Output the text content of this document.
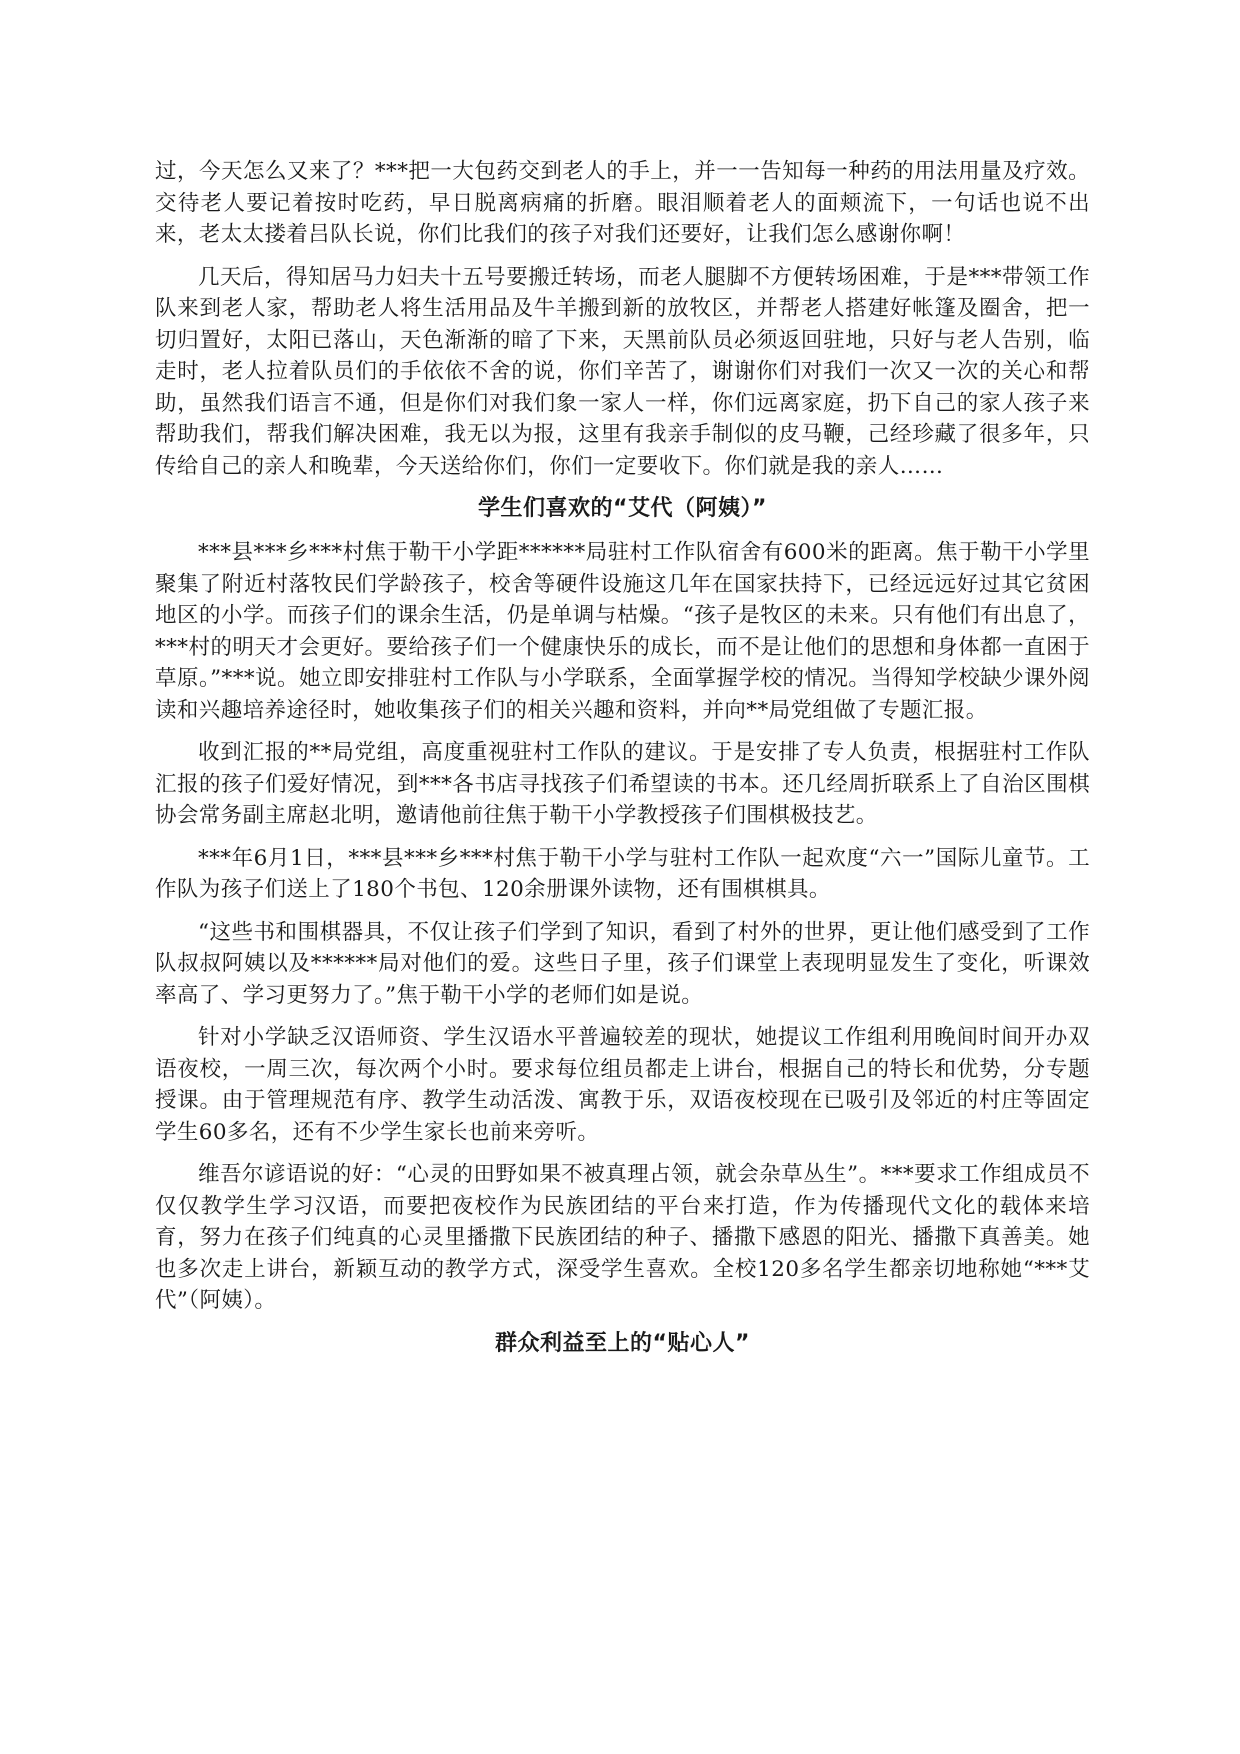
过，今天怎么又来了？***把一大包药交到老人的手上，并一一告知每一种药的用法用量及疗效。交待老人要记着按时吃药，早日脱离病痛的折磨。眼泪顺着老人的面颊流下，一句话也说不出来，老太太搂着吕队长说，你们比我们的孩子对我们还要好，让我们怎么感谢你啊！

几天后，得知居马力妇夫十五号要搬迁转场，而老人腿脚不方便转场困难，于是***带领工作队来到老人家，帮助老人将生活用品及牛羊搬到新的放牧区，并帮老人搭建好帐篷及圈舍，把一切归置好，太阳已落山，天色渐渐的暗了下来，天黑前队员必须返回驻地，只好与老人告别，临走时，老人拉着队员们的手依依不舍的说，你们辛苦了，谢谢你们对我们一次又一次的关心和帮助，虽然我们语言不通，但是你们对我们象一家人一样，你们远离家庭，扔下自己的家人孩子来帮助我们，帮我们解决困难，我无以为报，这里有我亲手制似的皮马鞭，己经珍藏了很多年，只传给自己的亲人和晚辈，今天送给你们，你们一定要收下。你们就是我的亲人……

学生们喜欢的“艾代（阿姨）”

***县***乡***村焦于勒干小学距******局驻村工作队宿舍有600米的距离。焦于勒干小学里聚集了附近村落牧民们学龄孩子，校舍等硬件设施这几年在国家扶持下，已经远远好过其它贫困地区的小学。而孩子们的课余生活，仍是单调与枯燥。“孩子是牧区的未来。只有他们有出息了，***村的明天才会更好。要给孩子们一个健康快乐的成长，而不是让他们的思想和身体都一直困于草原。”***说。她立即安排驻村工作队与小学联系，全面掌握学校的情况。当得知学校缺少课外阅读和兴趣培养途径时，她收集孩子们的相关兴趣和资料，并向**局党组做了专题汇报。

收到汇报的**局党组，高度重视驻村工作队的建议。于是安排了专人负责，根据驻村工作队汇报的孩子们爱好情况，到***各书店寻找孩子们希望读的书本。还几经周折联系上了自治区围棋协会常务副主席赵北明，邀请他前往焦于勒干小学教授孩子们围棋极技艺。

***年6月1日，***县***乡***村焦于勒干小学与驻村工作队一起欢度“六一”国际儿童节。工作队为孩子们送上了180个书包、120余册课外读物，还有围棋棋具。

“这些书和围棋器具，不仅让孩子们学到了知识，看到了村外的世界，更让他们感受到了工作队叔叔阿姨以及******局对他们的爱。这些日子里，孩子们课堂上表现明显发生了变化，听课效率高了、学习更努力了。”焦于勒干小学的老师们如是说。

针对小学缺乏汉语师资、学生汉语水平普遍较差的现状，她提议工作组利用晚间时间开办双语夜校，一周三次，每次两个小时。要求每位组员都走上讲台，根据自己的特长和优势，分专题授课。由于管理规范有序、教学生动活泼、寓教于乐，双语夜校现在已吸引及邻近的村庄等固定学生60多名，还有不少学生家长也前来旁听。

维吾尔谚语说的好：“心灵的田野如果不被真理占领，就会杂草丛生”。***要求工作组成员不仅仅教学生学习汉语，而要把夜校作为民族团结的平台来打造，作为传播现代文化的载体来培育，努力在孩子们纯真的心灵里播撒下民族团结的种子、播撒下感恩的阳光、播撒下真善美。她也多次走上讲台，新颖互动的教学方式，深受学生喜欢。全校120多名学生都亲切地称她“***艾代”（阿姨）。

群众利益至上的“贴心人”
